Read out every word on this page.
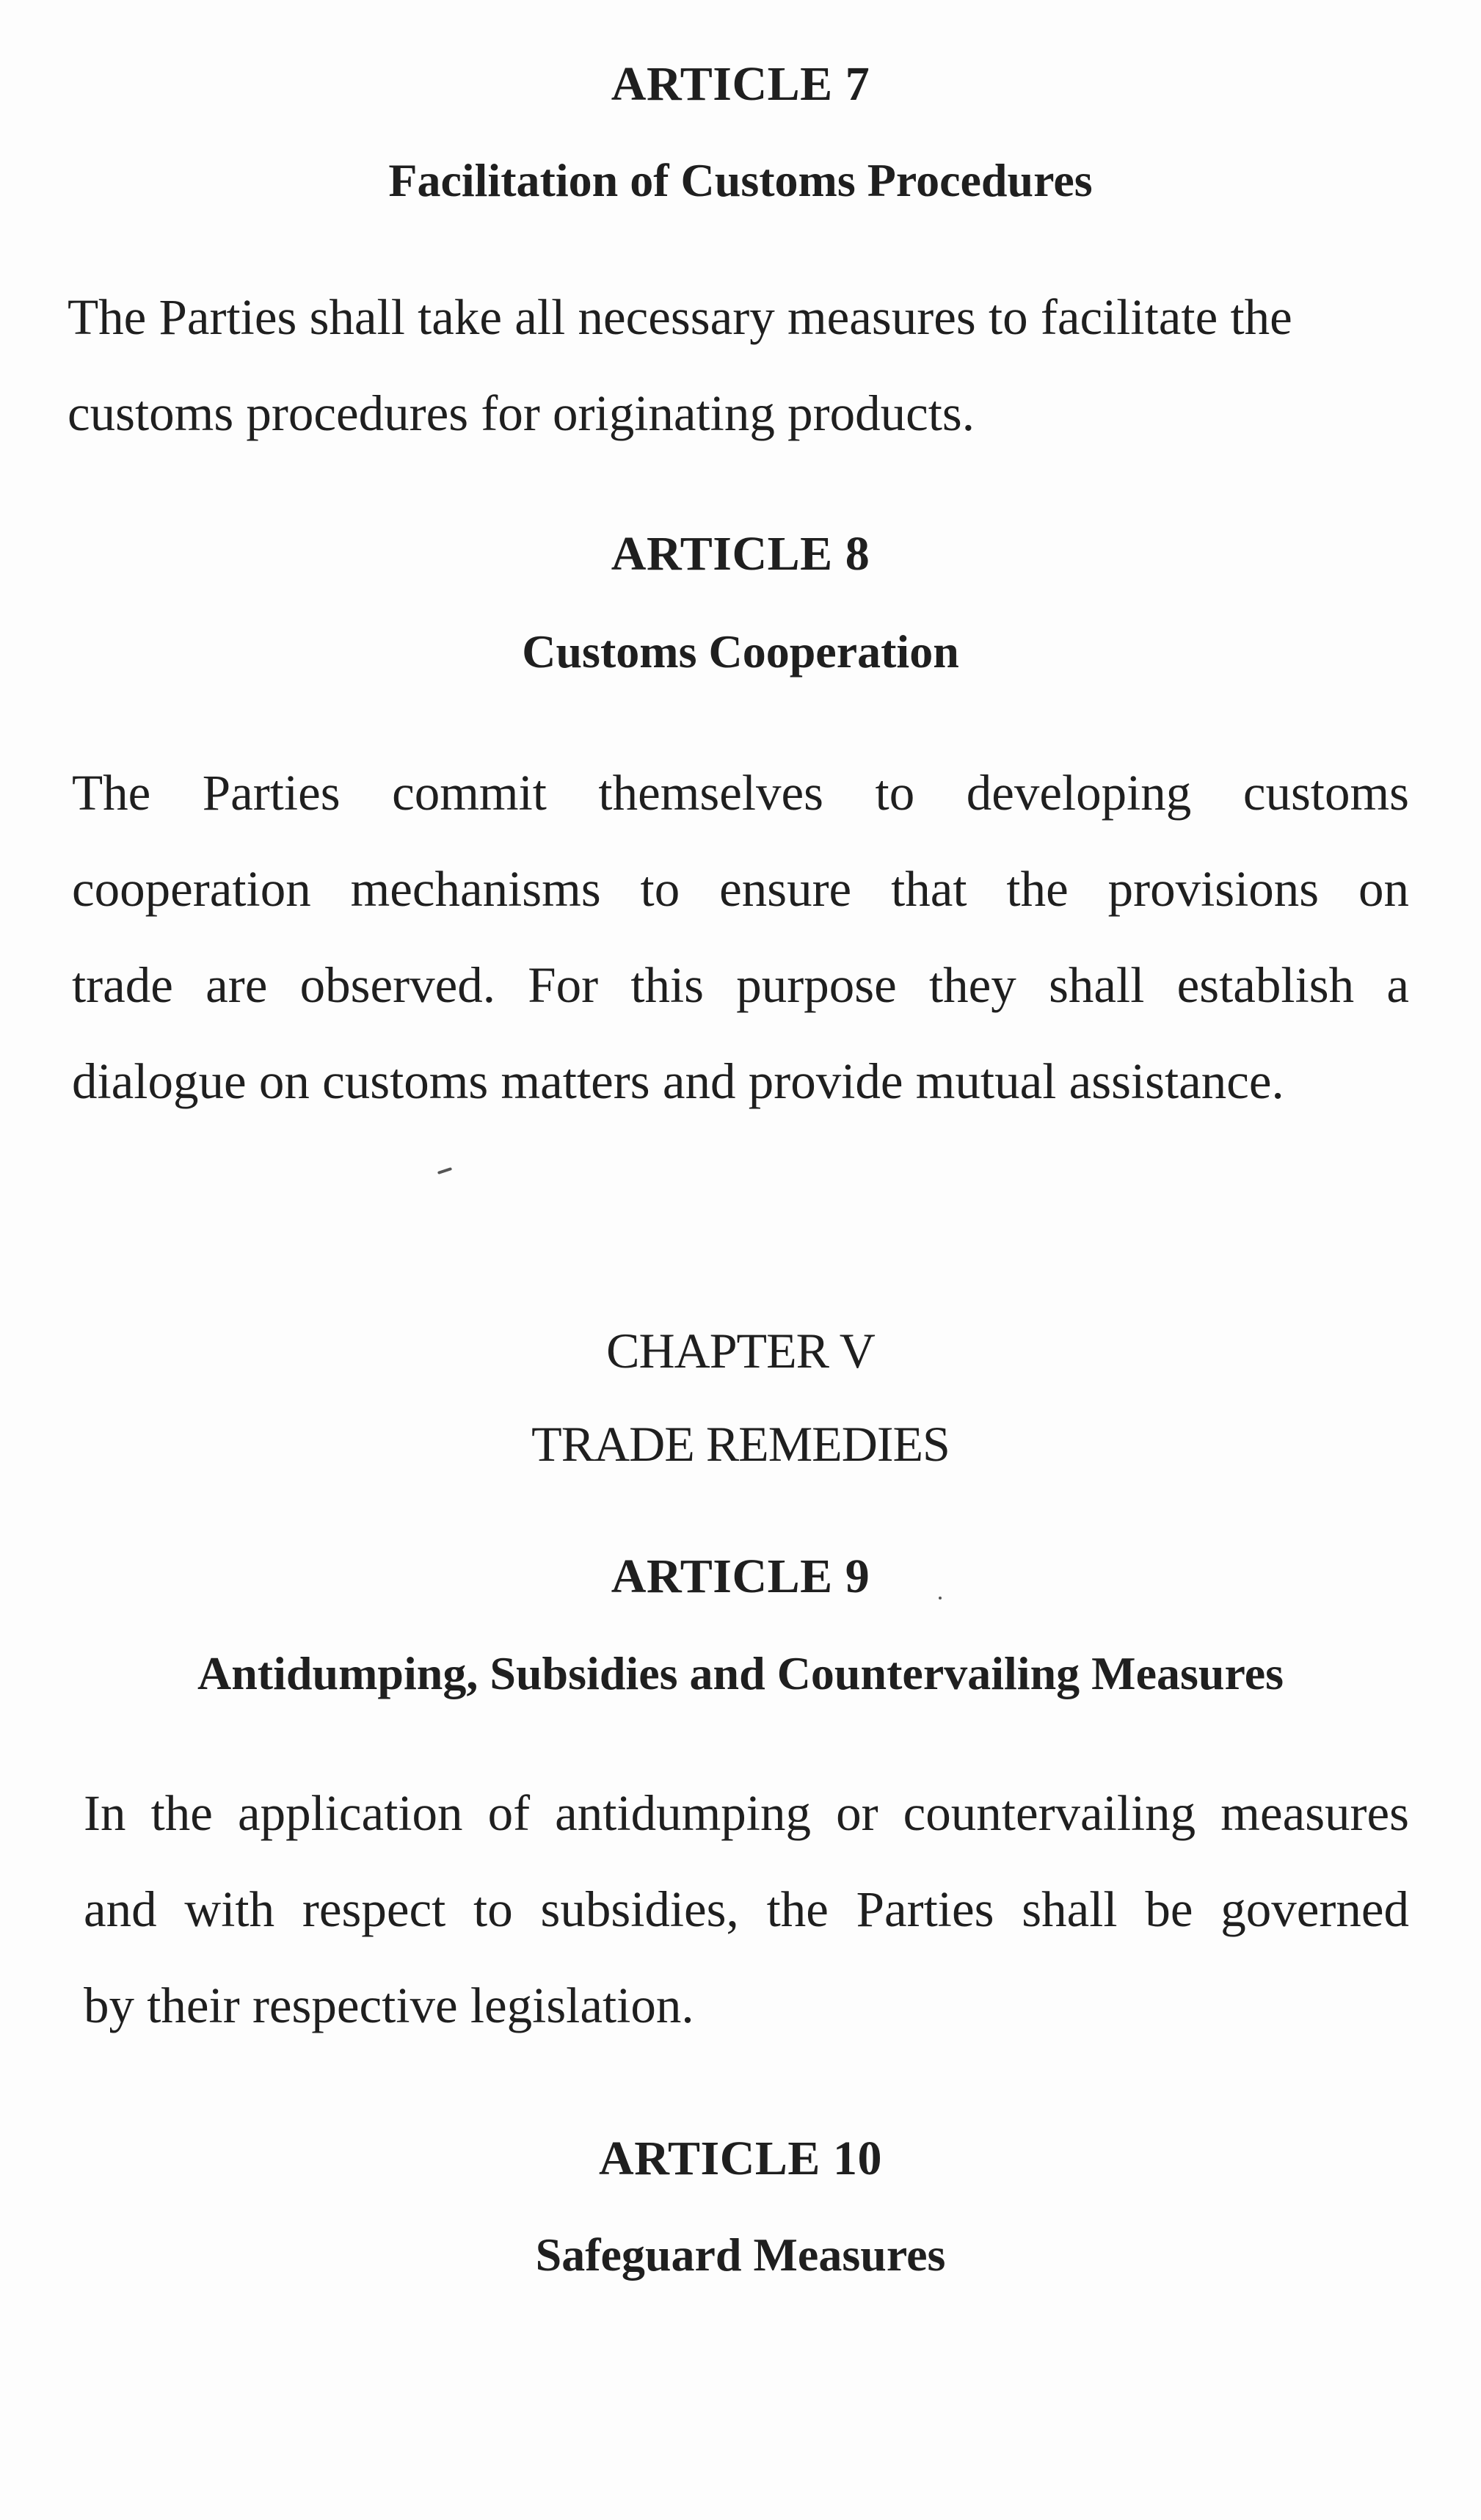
ARTICLE 7
Facilitation of Customs Procedures
The Parties shall take all necessary measures to facilitate the
customs procedures for originating products.
ARTICLE 8
Customs Cooperation
The Parties commit themselves to developing customs
cooperation mechanisms to ensure that the provisions on
trade are observed. For this purpose they shall establish a
dialogue on customs matters and provide mutual assistance.
CHAPTER V
TRADE REMEDIES
ARTICLE 9
Antidumping, Subsidies and Countervailing Measures
In the application of antidumping or countervailing measures
and with respect to subsidies, the Parties shall be governed
by their respective legislation.
ARTICLE 10
Safeguard Measures
